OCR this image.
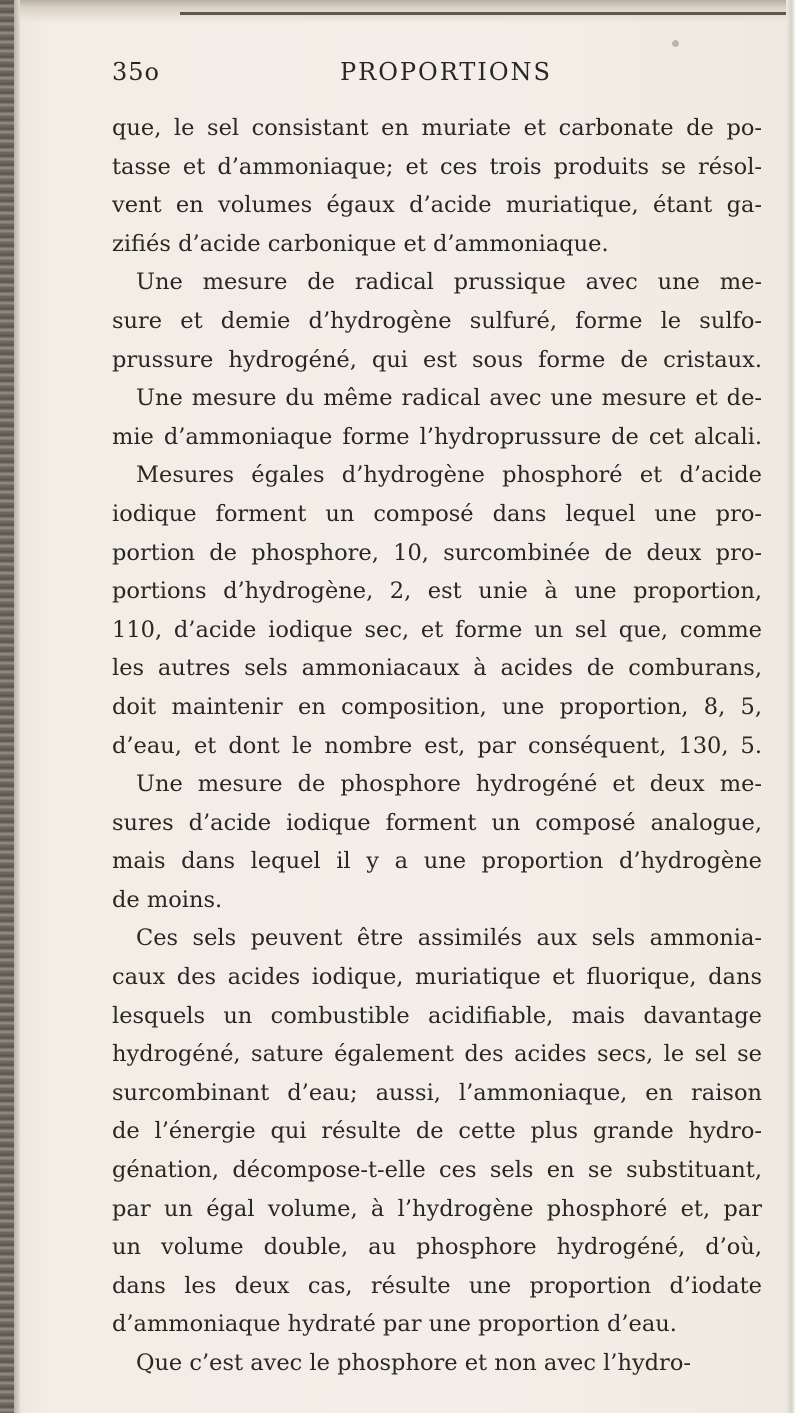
35o	PROPORTIONS
que, le sel consistant en muriate et carbonate de po-
tasse et d’ammoniaque; et ces trois produits se résol-
vent en volumes égaux d’acide muriatique, étant ga-
zifiés d’acide carbonique et d’ammoniaque.
Une mesure de radical prussique avec une me-
sure et demie d’hydrogène sulfuré, forme le sulfo-
prussure hydrogéné, qui est sous forme de cristaux.
Une mesure du même radical avec une mesure et de-
mie d’ammoniaque forme l’hydroprussure de cet alcali.
Mesures égales d’hydrogène phosphoré et d’acide
iodique forment un composé dans lequel une pro-
portion de phosphore, 10, surcombinée de deux pro-
portions d’hydrogène, 2, est unie à une proportion,
110, d’acide iodique sec, et forme un sel que, comme
les autres sels ammoniacaux à acides de comburans,
doit maintenir en composition, une proportion, 8, 5,
d’eau, et dont le nombre est, par conséquent, 130, 5.
Une mesure de phosphore hydrogéné et deux me-
sures d’acide iodique forment un composé analogue,
mais dans lequel il y a une proportion d’hydrogène
de moins.
Ces sels peuvent être assimilés aux sels ammonia-
caux des acides iodique, muriatique et fluorique, dans
lesquels un combustible acidifiable, mais davantage
hydrogéné, sature également des acides secs, le sel se
surcombinant d’eau; aussi, l’ammoniaque, en raison
de l’énergie qui résulte de cette plus grande hydro-
génation, décompose-t-elle ces sels en se substituant,
par un égal volume, à l’hydrogène phosphoré et, par
un volume double, au phosphore hydrogéné, d’où,
dans les deux cas, résulte une proportion d’iodate
d’ammoniaque hydraté par une proportion d’eau.
Que c’est avec le phosphore et non avec l’hydro-
